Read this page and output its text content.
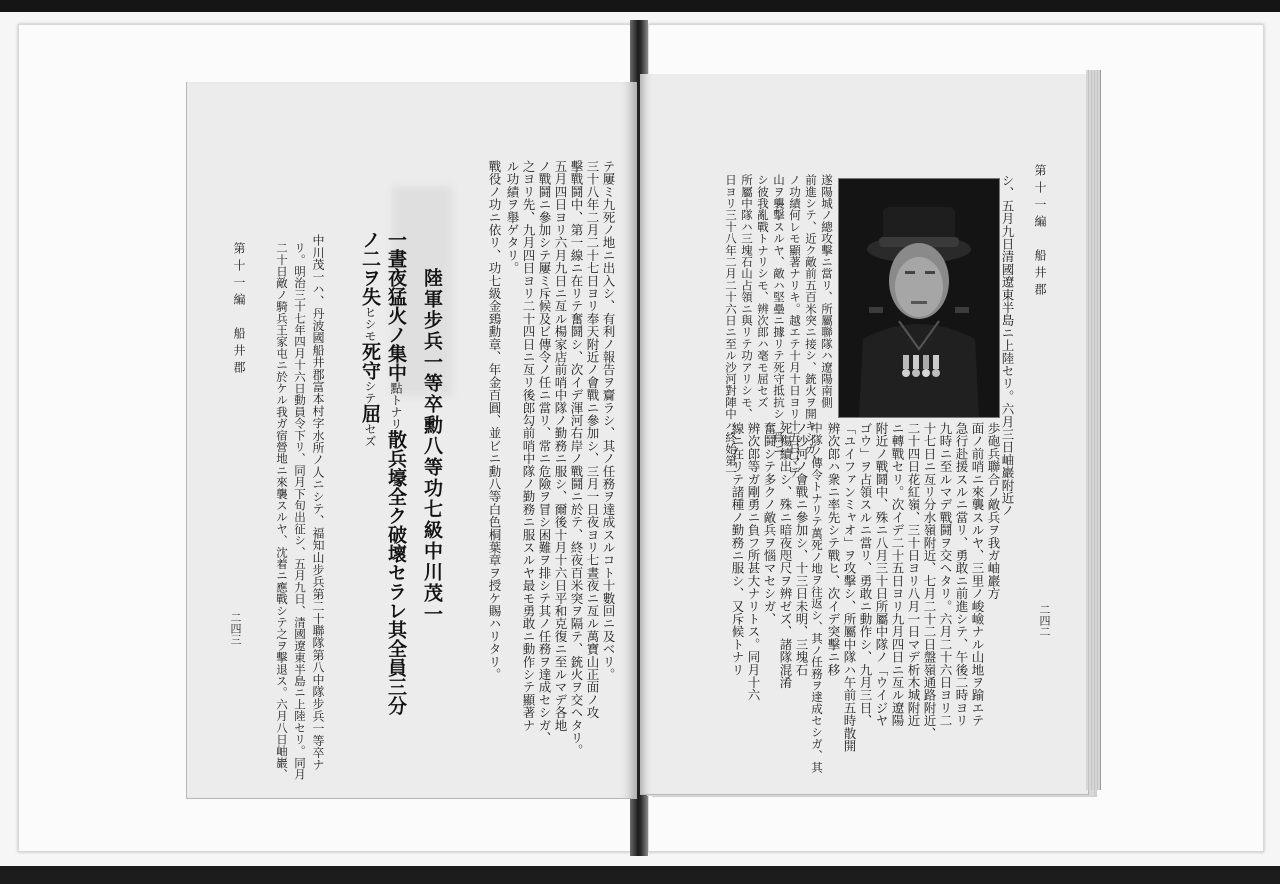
テ屢ミ九死ノ地ニ出入シ、有利ノ報告ヲ齎ラシ、其ノ任務ヲ達成スルコト十數回ニ及ベリ。
三十八年二月二十七日ヨリ奉天附近ノ會戰ニ參加シ、三月一日夜ヨリ七晝夜ニ亙ル萬寶山正面ノ攻
擊戰鬪中、第一線ニ在リテ奮鬪シ、次イデ渾河右岸ノ戰鬪ニ於テ、終夜百米突ヲ隔テ、銃火ヲ交ヘタリ。
五月四日ヨリ六月九日ニ亙ル楊家店前哨中隊ノ勤務ニ服シ、爾後十月十六日平和克復ニ至ルマデ各地
ノ戰鬪ニ參加シテ屢ミ斥候及ビ傳令ノ任ニ當リ、常ニ危險ヲ冒シ困難ヲ排シテ其ノ任務ヲ達成セシガ、
之ヨリ先、九月四日ヨリ二十四日ニ亙リ後郎勾前哨中隊ノ勤務ニ服スルヤ最モ勇敢ニ動作シテ顯著ナ
ル功績ヲ舉ゲタリ。
戰役ノ功ニ依リ、功七級金鵄勳章、年金百圓、並ビニ勳八等白色桐葉章ヲ授ケ賜ハリタリ。
陸軍步兵一等卒勳八等功七級中川茂一
一晝夜猛火ノ集中點トナリ散兵壕全ク破壞セラレ其全員三分
ノ二ヲ失ヒシモ死守シテ屈セズ
中川茂一ハ、丹波國船井郡富本村字水所ノ人ニシテ、福知山步兵第二十聯隊第八中隊步兵一等卒ナ
リ。明治三十七年四月十六日動員令下リ、同月下旬出征シ、五月九日、清國遼東半島ニ上陸セリ。同月
二十日敵ノ騎兵王家屯ニ於ケル我ガ宿營地ニ來襲スルヤ、沈着ニ應戰シテ之ヲ擊退ス。六月八日岫巖、
第十一編　船井郡
二四三
第十一編　船井郡
二四二
シ、五月九日清國遼東半島ニ上陸セリ。六月三日岫巖附近ノ
遂陽城ノ總攻擊ニ當リ、所屬聯隊ハ遼陽南側
前進シテ、近ク敵前五百米突ニ接シ、銃火ヲ開キシガ、
ノ功績何レモ顯著ナリキ。越エテ十月十日ヨリ十五日マデ
山ヲ襲擊スルヤ、敵ハ堅壘ニ據リテ死守抵抗シ、爲ニ
シ彼我亂戰トナリシモ、辨次郎ハ毫モ屈セズ
所屬中隊ハ三塊石山占領ニ與リテ功アリシモ、
日ヨリ三十八年二月二十六日ニ至ル沙河對陣中ハ終始第一
歩砲兵聯合ノ敵兵ヲ我ガ岫巖方
面ノ前哨ニ來襲スルヤ、三里ノ峻嶮ナル山地ヲ踰エテ
急行赴援スルニ當リ、勇敢ニ前進シテ、午後二時ヨリ
九時ニ至ルマデ戰鬪ヲ交ヘタリ。六月二十六日ヨリ二
十七日ニ亙リ分水嶺附近、七月二十二日盤嶺通路附近、
二十四日花紅嶺、三十日ヨリ八月一日マデ析木城附近
ニ轉戰セリ。次イデ二十五日ヨリ九月四日ニ亙ル遼陽
附近ノ戰鬪中、殊ニ八月三十日所屬中隊ノ「ウイジヤ
ゴウ」ヲ占領スルニ當リ、勇敢ニ動作シ、九月三日、
「ユイファンミャオ」ヲ攻擊シ、所屬中隊ハ午前五時散開
辨次郎ハ衆ニ率先シテ戰ヒ、次イデ突擊ニ移
中隊ノ傳令トナリテ萬死ノ地ヲ往返シ、其ノ任務ヲ達成セシガ、其
ノ沙河ノ會戰ニ參加シ、十三日未明、三塊石
死傷續出シ、殊ニ暗夜咫尺ヲ辨ゼズ、諸隊混淆
奮鬪シテ多クノ敵兵ヲ惱マセシガ、
辨次郎等ガ剛勇ニ負フ所甚大ナリトス。同月十六
線ニ在リテ諸種ノ勤務ニ服シ、又斥候トナリ
